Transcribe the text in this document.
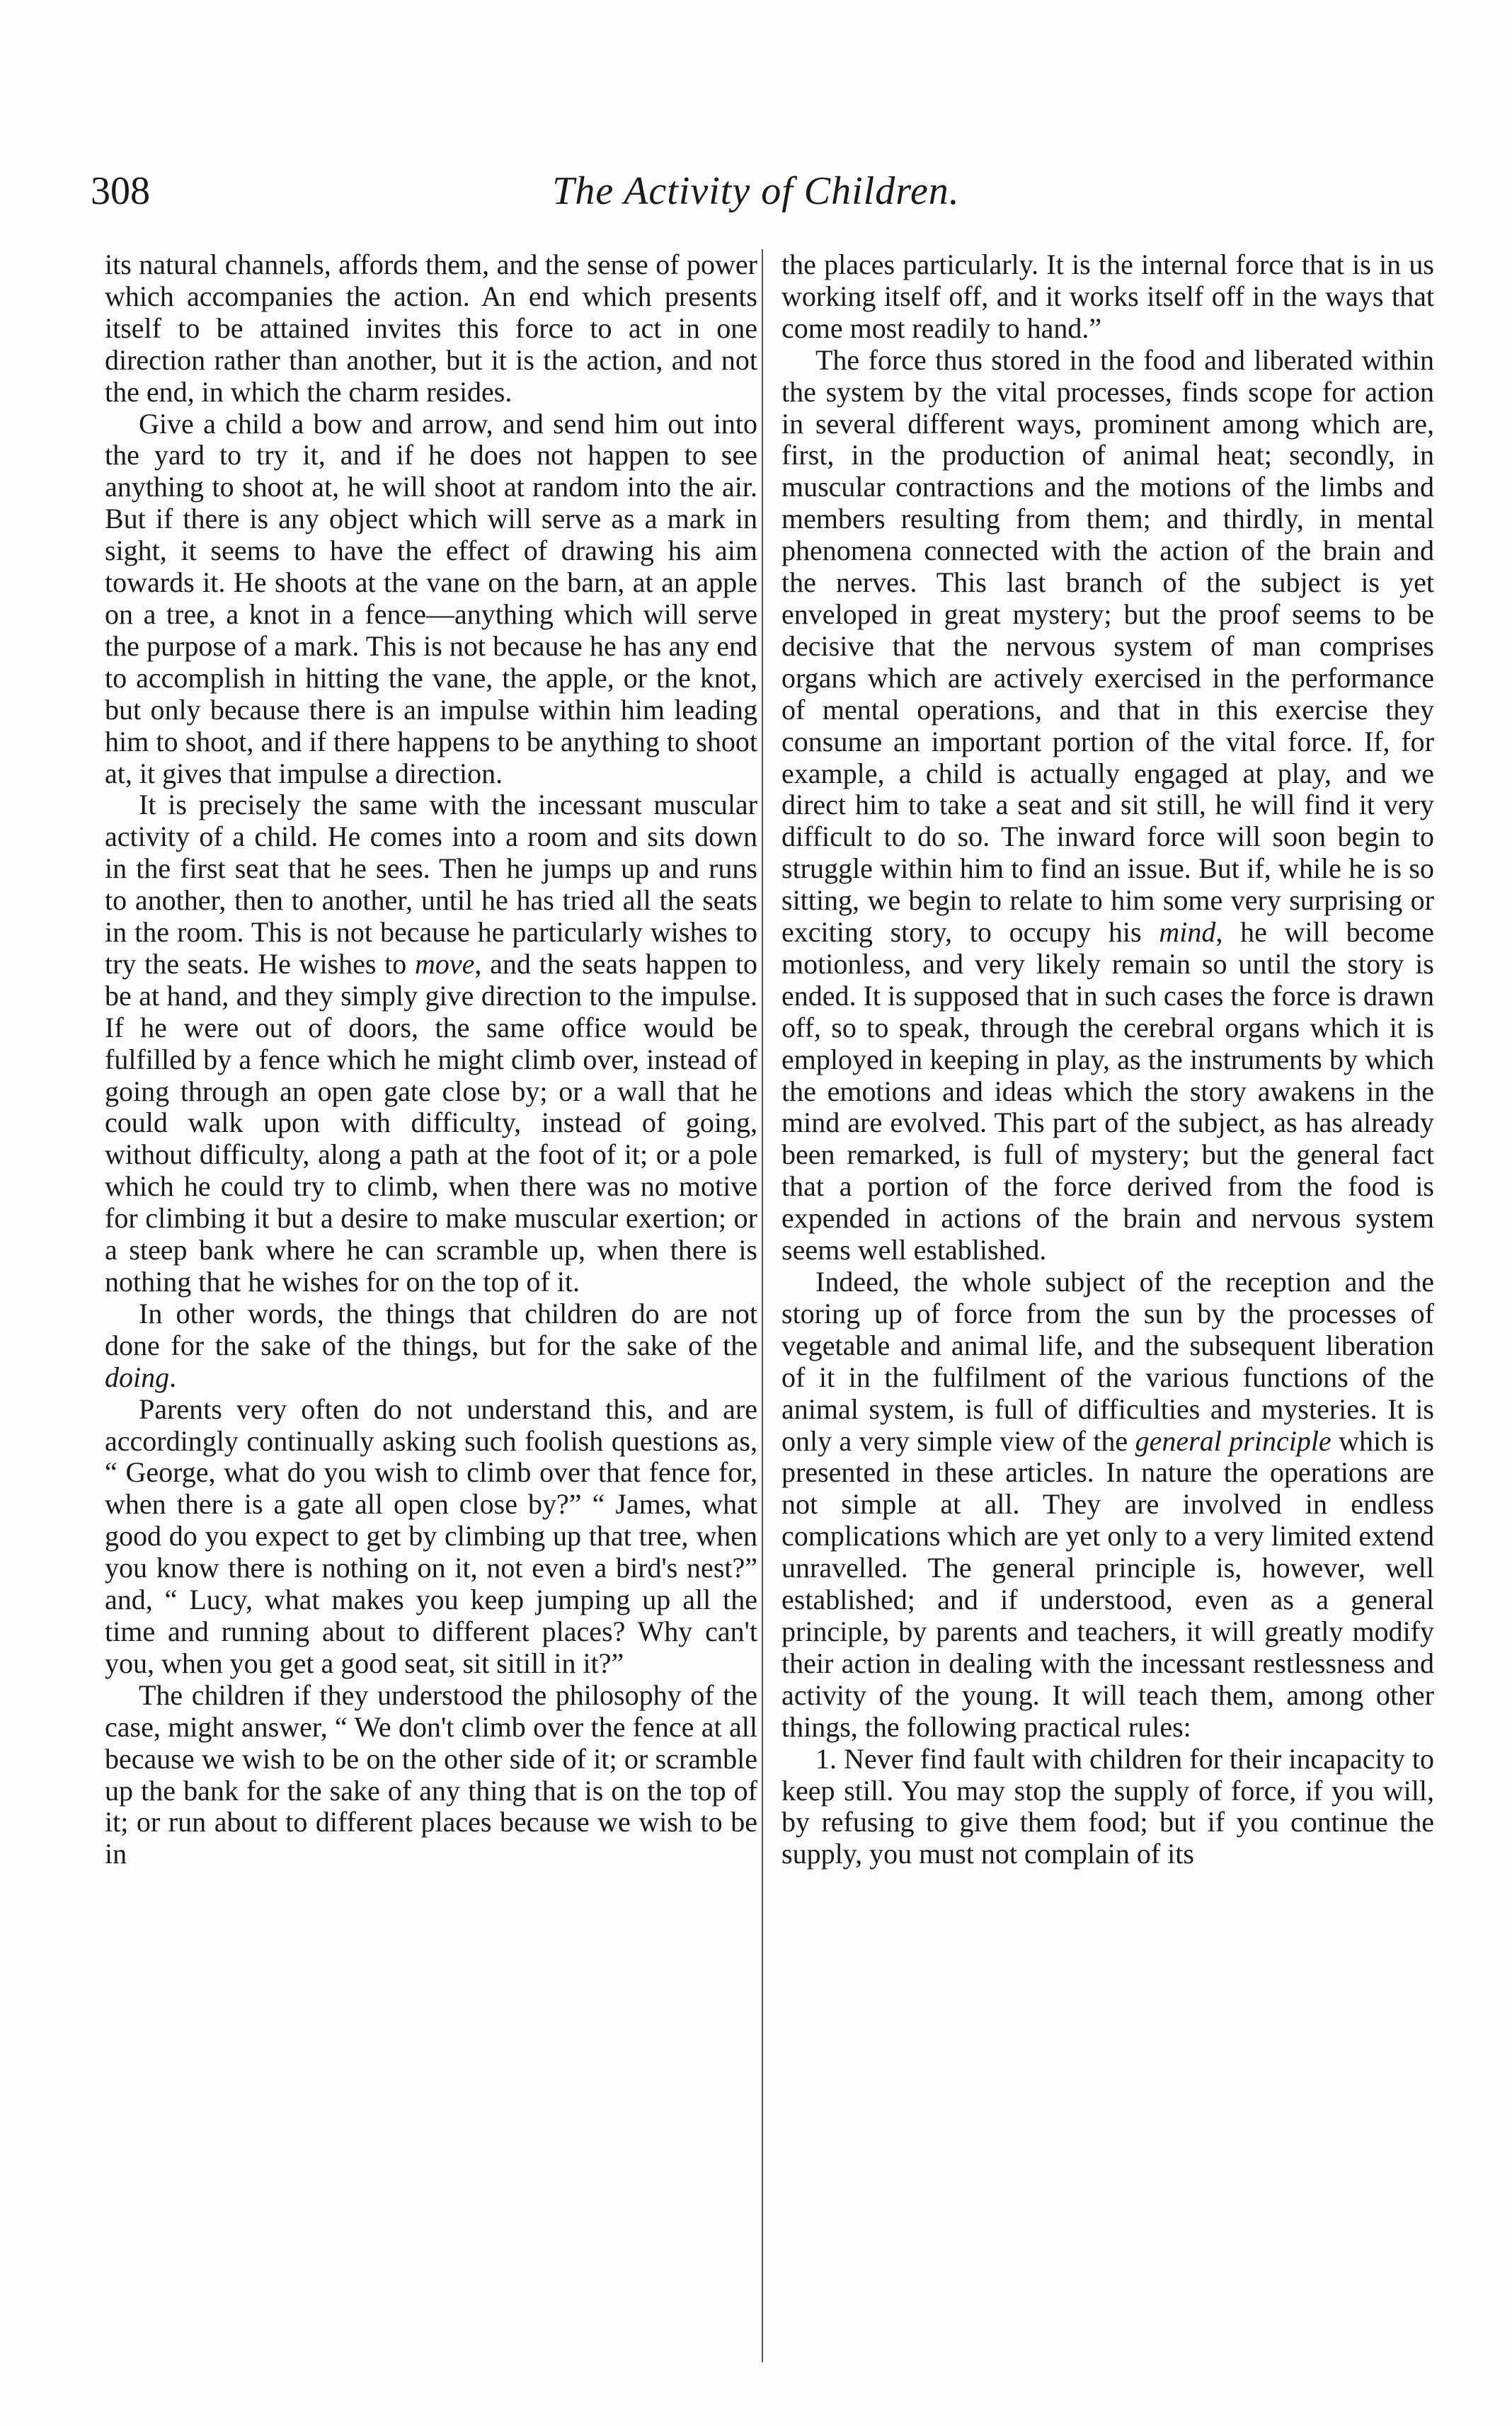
308	The Activity of Children.

its natural channels, affords them, and the sense of power which accompanies the action. An end which presents itself to be attained invites this force to act in one direction rather than another, but it is the action, and not the end, in which the charm resides.

Give a child a bow and arrow, and send him out into the yard to try it, and if he does not happen to see anything to shoot at, he will shoot at random into the air. But if there is any object which will serve as a mark in sight, it seems to have the effect of drawing his aim towards it. He shoots at the vane on the barn, at an apple on a tree, a knot in a fence—anything which will serve the purpose of a mark. This is not because he has any end to accomplish in hitting the vane, the apple, or the knot, but only because there is an impulse within him leading him to shoot, and if there happens to be anything to shoot at, it gives that impulse a direction.

It is precisely the same with the incessant muscular activity of a child. He comes into a room and sits down in the first seat that he sees. Then he jumps up and runs to another, then to another, until he has tried all the seats in the room. This is not because he particularly wishes to try the seats. He wishes to move, and the seats happen to be at hand, and they simply give direction to the impulse. If he were out of doors, the same office would be fulfilled by a fence which he might climb over, instead of going through an open gate close by; or a wall that he could walk upon with difficulty, instead of going, without difficulty, along a path at the foot of it; or a pole which he could try to climb, when there was no motive for climbing it but a desire to make muscular exertion; or a steep bank where he can scramble up, when there is nothing that he wishes for on the top of it.

In other words, the things that children do are not done for the sake of the things, but for the sake of the doing.

Parents very often do not understand this, and are accordingly continually asking such foolish questions as, “ George, what do you wish to climb over that fence for, when there is a gate all open close by?” “ James, what good do you expect to get by climbing up that tree, when you know there is nothing on it, not even a bird's nest?” and, “ Lucy, what makes you keep jumping up all the time and running about to different places? Why can't you, when you get a good seat, sit sitill in it?”

The children if they understood the philosophy of the case, might answer, “ We don't climb over the fence at all because we wish to be on the other side of it; or scramble up the bank for the sake of any thing that is on the top of it; or run about to different places because we wish to be in

the places particularly. It is the internal force that is in us working itself off, and it works itself off in the ways that come most readily to hand.”

The force thus stored in the food and liberated within the system by the vital processes, finds scope for action in several different ways, prominent among which are, first, in the production of animal heat; secondly, in muscular contractions and the motions of the limbs and members resulting from them; and thirdly, in mental phenomena connected with the action of the brain and the nerves. This last branch of the subject is yet enveloped in great mystery; but the proof seems to be decisive that the nervous system of man comprises organs which are actively exercised in the performance of mental operations, and that in this exercise they consume an important portion of the vital force. If, for example, a child is actually engaged at play, and we direct him to take a seat and sit still, he will find it very difficult to do so. The inward force will soon begin to struggle within him to find an issue. But if, while he is so sitting, we begin to relate to him some very surprising or exciting story, to occupy his mind, he will become motionless, and very likely remain so until the story is ended. It is supposed that in such cases the force is drawn off, so to speak, through the cerebral organs which it is employed in keeping in play, as the instruments by which the emotions and ideas which the story awakens in the mind are evolved. This part of the subject, as has already been remarked, is full of mystery; but the general fact that a portion of the force derived from the food is expended in actions of the brain and nervous system seems well established.

Indeed, the whole subject of the reception and the storing up of force from the sun by the processes of vegetable and animal life, and the subsequent liberation of it in the fulfilment of the various functions of the animal system, is full of difficulties and mysteries. It is only a very simple view of the general principle which is presented in these articles. In nature the operations are not simple at all. They are involved in endless complications which are yet only to a very limited extend unravelled. The general principle is, however, well established; and if understood, even as a general principle, by parents and teachers, it will greatly modify their action in dealing with the incessant restlessness and activity of the young. It will teach them, among other things, the following practical rules:

1. Never find fault with children for their incapacity to keep still. You may stop the supply of force, if you will, by refusing to give them food; but if you continue the supply, you must not complain of its
